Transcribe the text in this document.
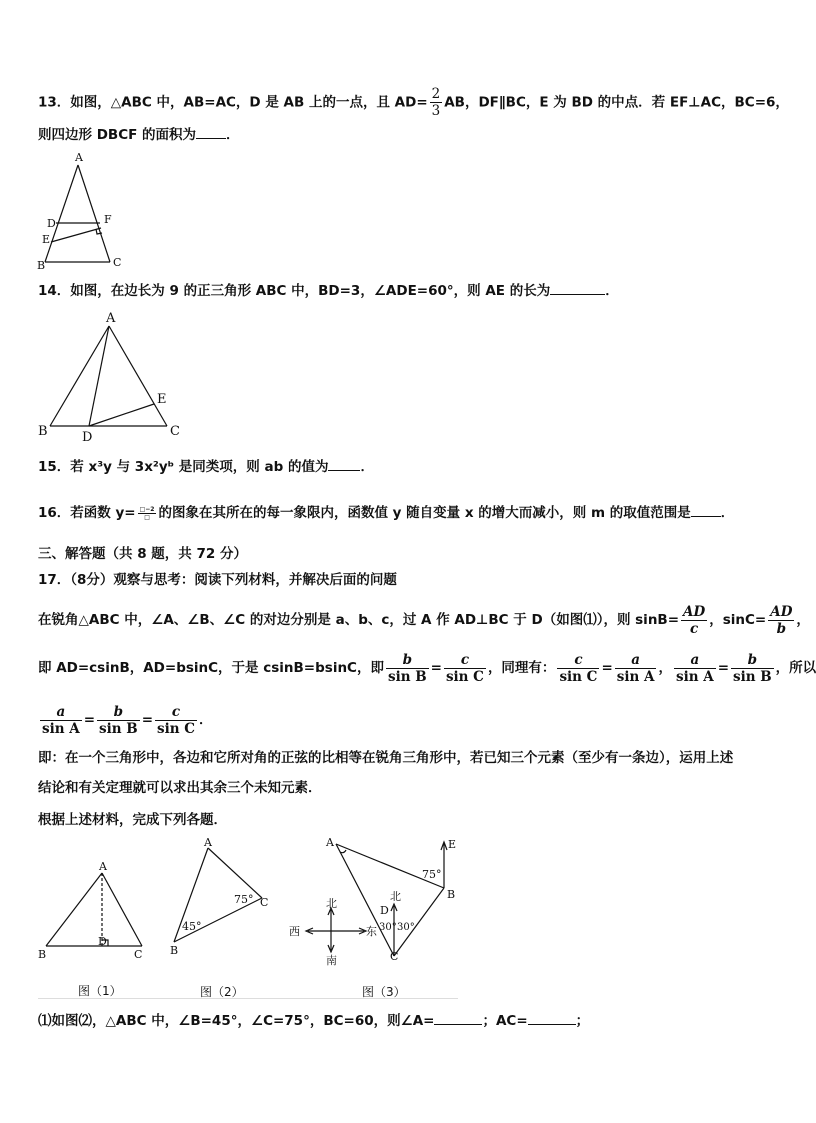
13．如图，△ABC 中，AB=AC，D 是 AB 上的一点，且 $AD= \frac{2}{3}$ AB，DF∥BC，E 为 BD 的中点．若 EF⊥AC，BC=6，
则四边形 DBCF 的面积为 ．
A
D	F
E
B	C
14．如图，在边长为 9 的正三角形 ABC 中，BD=3，∠ADE=60°，则 AE 的长为	．
A
E
B	D	C
15．若 x³y 与 3x²yᵇ 是同类项，则 ab 的值为 ．
16．若函数 y= □−2
□ 的图象在其所在的每一象限内，函数值 y 随自变量 x 的增大而减小，则 m 的取值范围是 ．
三、解答题（共 8 题，共 72 分）
17．（8分）观察与思考：阅读下列材料，并解决后面的问题
在锐角△ABC 中，∠A、∠B、∠C 的对边分别是 a、b、c，过 A 作 AD⊥BC 于 D（如图⑴），则 $\sin B= \frac{AD}{c}$ ，$\sin C= \frac{AD}{b}$ ，
即 AD=csinB，AD=bsinC，于是 csinB=bsinC，即 $\frac{b}{\text{sin B}} = \frac{c}{\text{sin C}}$ ，同理有： $\frac{c}{\text{sin C}} = \frac{a}{\text{sin A}}$ ， $\frac{a}{\text{sin A}} = \frac{b}{\text{sin B}}$ ，所以
$\frac{a}{\text{sin A}} = \frac{b}{\text{sin B}} = \frac{c}{\text{sin C}}$ ．
即：在一个三角形中，各边和它所对角的正弦的比相等在锐角三角形中，若已知三个元素（至少有一条边），运用上述
结论和有关定理就可以求出其余三个未知元素．
根据上述材料，完成下列各题．
A
B
D
C
图（1）
A
B
C
45°
75°
图（2）
A	E
B
75°
D
北
30° 30°
C
北
南
西	东
图（3）
⑴如图⑵，△ABC 中，∠B=45°，∠C=75°，BC=60，则∠A=	；AC=	；
